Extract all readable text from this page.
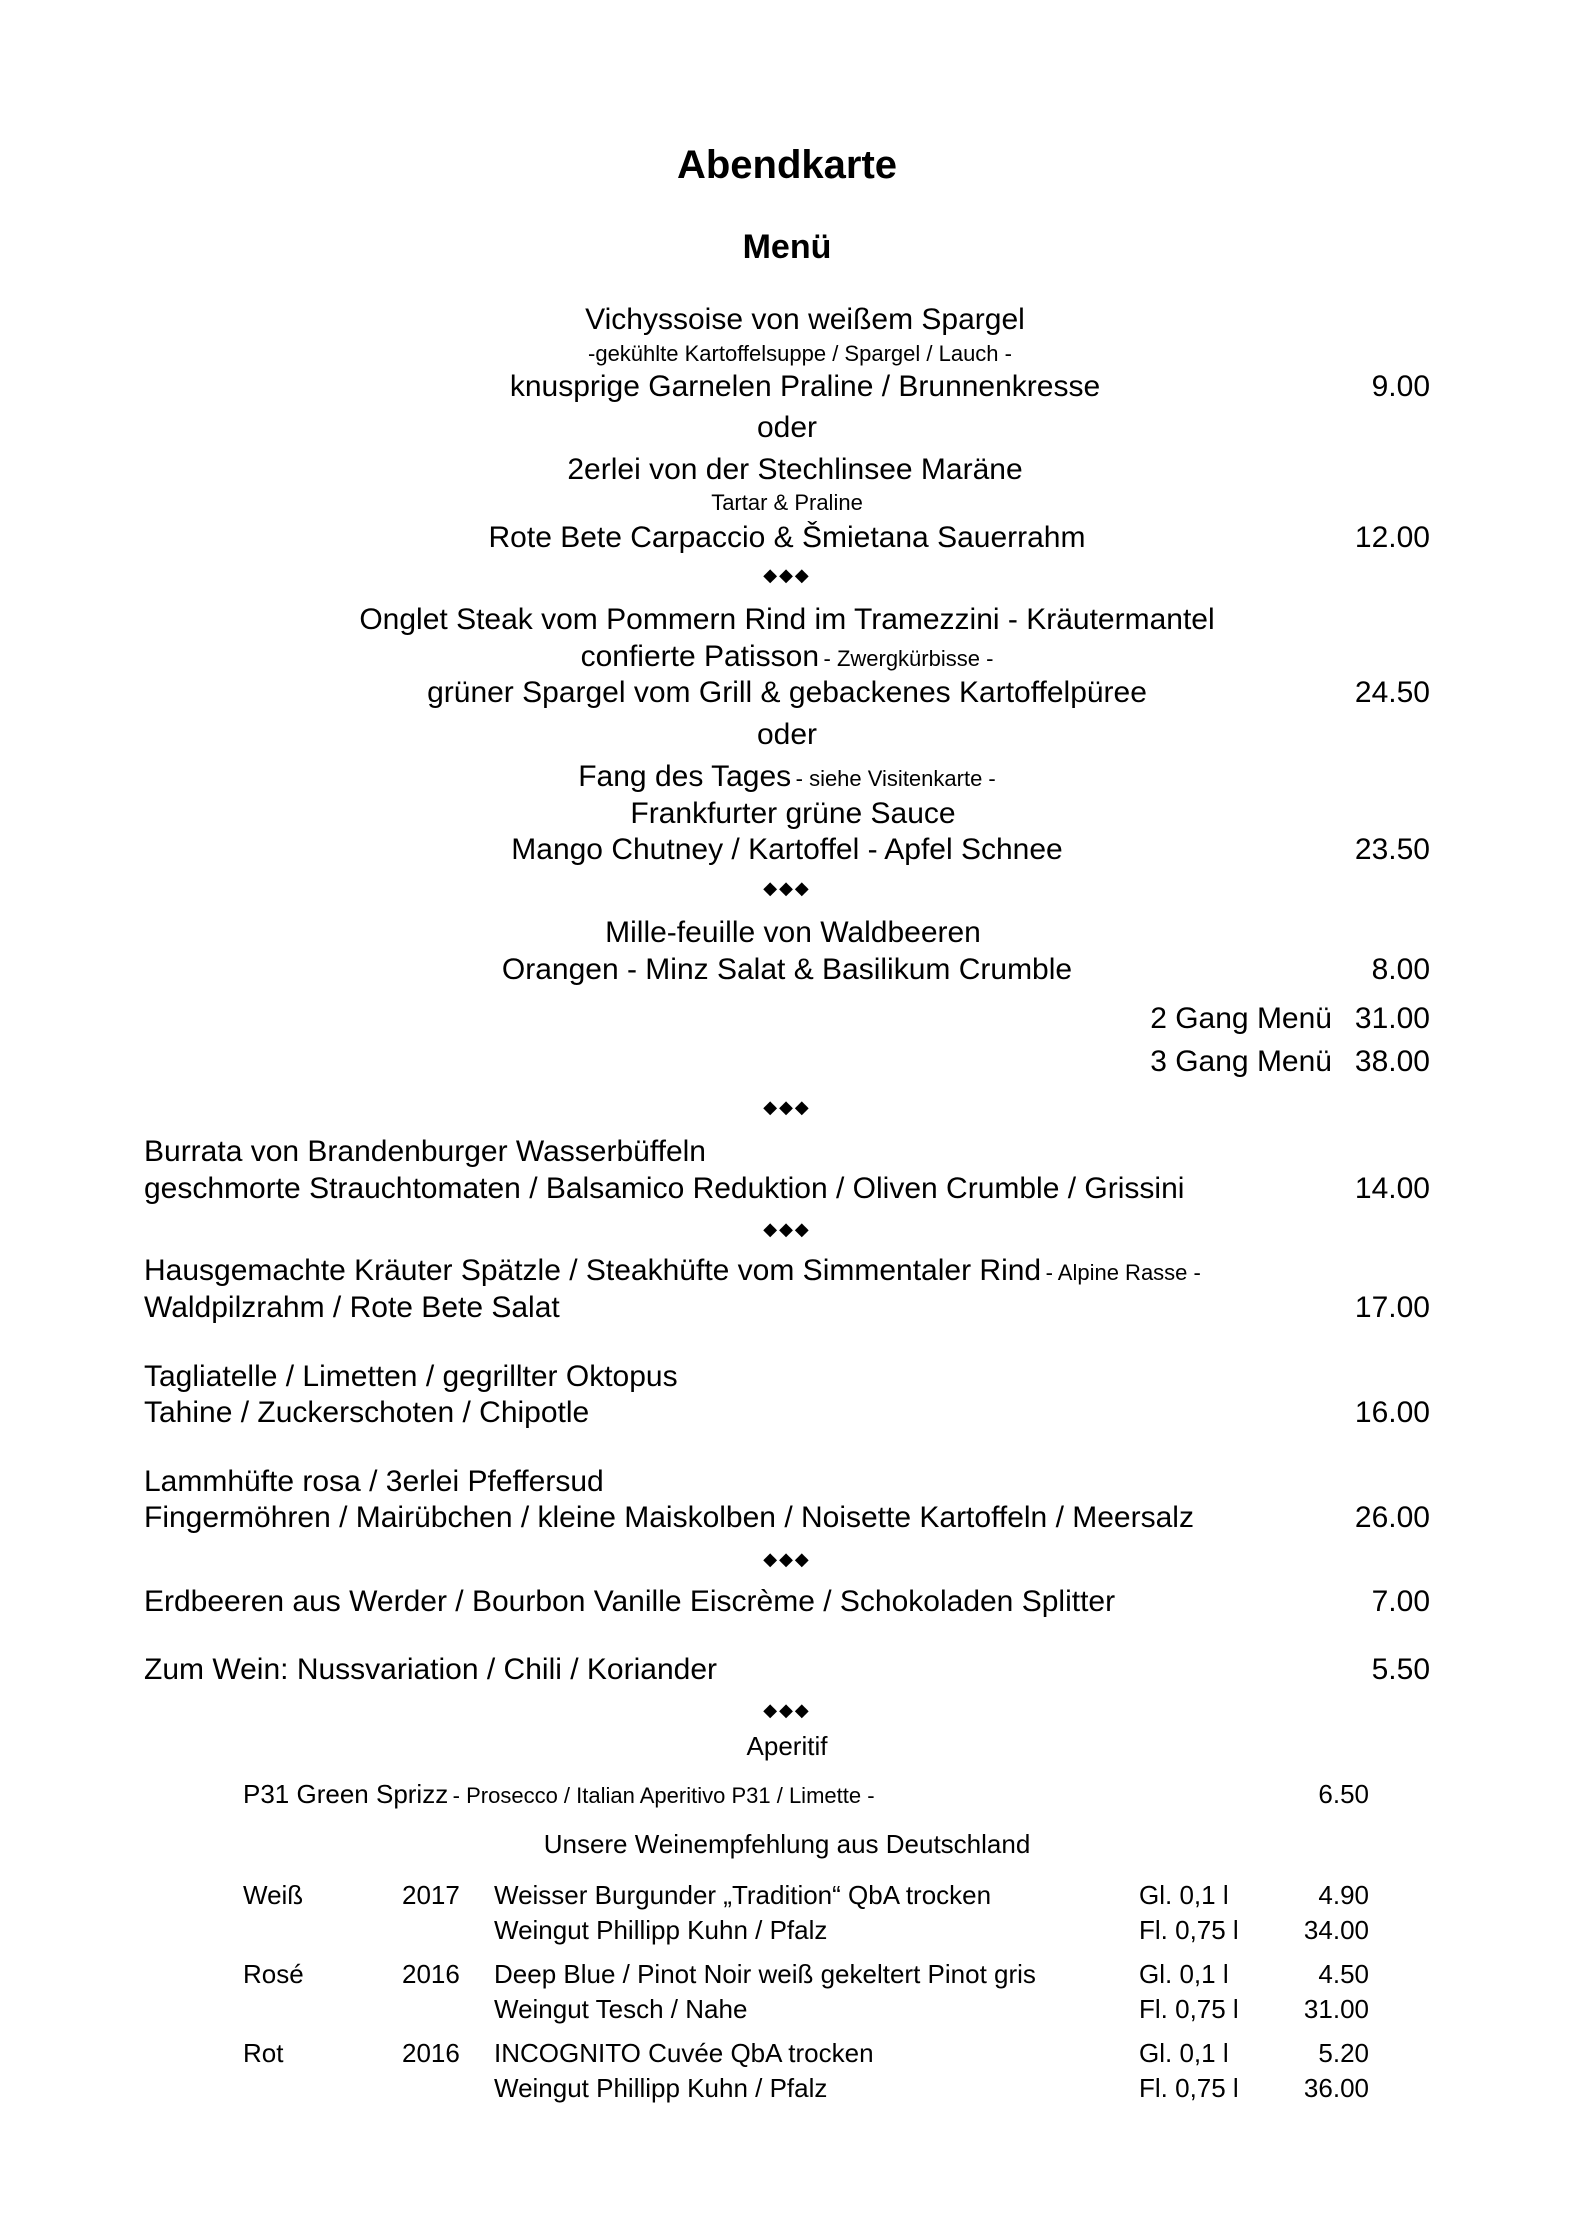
Abendkarte
Menü
Vichyssoise von weißem Spargel
-gekühlte Kartoffelsuppe / Spargel / Lauch -
knusprige Garnelen Praline / Brunnenkresse	9.00
oder
2erlei von der Stechlinsee Maräne
Tartar & Praline
Rote Bete Carpaccio & Šmietana Sauerrahm	12.00
◆◆◆
Onglet Steak vom Pommern Rind im Tramezzini - Kräutermantel
confierte Patisson - Zwergkürbisse -
grüner Spargel vom Grill & gebackenes Kartoffelpüree	24.50
oder
Fang des Tages - siehe Visitenkarte -
Frankfurter grüne Sauce
Mango Chutney / Kartoffel - Apfel Schnee	23.50
◆◆◆
Mille-feuille von Waldbeeren
Orangen - Minz Salat & Basilikum Crumble	8.00
2 Gang Menü 31.00
3 Gang Menü 38.00
◆◆◆
Burrata von Brandenburger Wasserbüffeln
geschmorte Strauchtomaten / Balsamico Reduktion / Oliven Crumble / Grissini	14.00
◆◆◆
Hausgemachte Kräuter Spätzle / Steakhüfte vom Simmentaler Rind - Alpine Rasse -
Waldpilzrahm / Rote Bete Salat	17.00
Tagliatelle / Limetten / gegrillter Oktopus
Tahine / Zuckerschoten / Chipotle	16.00
Lammhüfte rosa / 3erlei Pfeffersud
Fingermöhren / Mairübchen / kleine Maiskolben / Noisette Kartoffeln / Meersalz	26.00
◆◆◆
Erdbeeren aus Werder / Bourbon Vanille Eiscrème / Schokoladen Splitter	7.00
Zum Wein: Nussvariation / Chili / Koriander	5.50
◆◆◆
Aperitif
P31 Green Sprizz - Prosecco / Italian Aperitivo P31 / Limette -	6.50
Unsere Weinempfehlung aus Deutschland
Weiß	2017 Weisser Burgunder „Tradition“ QbA trocken	Gl. 0,1 l	4.90
Weingut Phillipp Kuhn / Pfalz	Fl. 0,75 l	34.00
Rosé	2016 Deep Blue / Pinot Noir weiß gekeltert Pinot gris	Gl. 0,1 l	4.50
Weingut Tesch / Nahe	Fl. 0,75 l	31.00
Rot	2016 INCOGNITO Cuvée QbA trocken	Gl. 0,1 l	5.20
Weingut Phillipp Kuhn / Pfalz	Fl. 0,75 l	36.00
